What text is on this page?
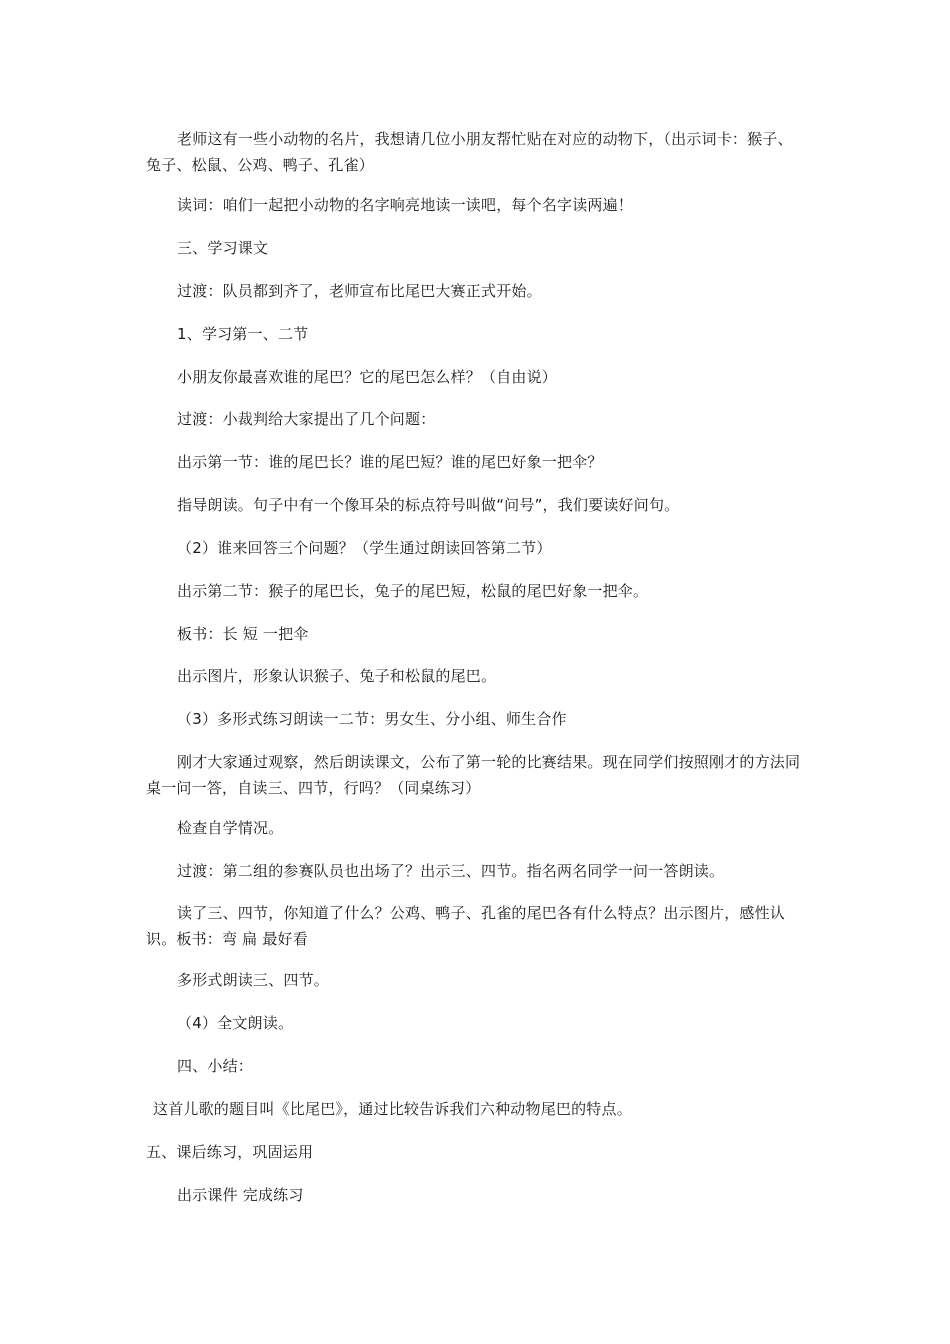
老师这有一些小动物的名片，我想请几位小朋友帮忙贴在对应的动物下，（出示词卡：猴子、兔子、松鼠、公鸡、鸭子、孔雀）

读词：咱们一起把小动物的名字响亮地读一读吧，每个名字读两遍！

三、学习课文

过渡：队员都到齐了，老师宣布比尾巴大赛正式开始。

1、学习第一、二节

小朋友你最喜欢谁的尾巴？它的尾巴怎么样？（自由说）

过渡：小裁判给大家提出了几个问题：

出示第一节：谁的尾巴长？谁的尾巴短？谁的尾巴好象一把伞？

指导朗读。句子中有一个像耳朵的标点符号叫做“问号”，我们要读好问句。

（2）谁来回答三个问题？（学生通过朗读回答第二节）

出示第二节：猴子的尾巴长，兔子的尾巴短，松鼠的尾巴好象一把伞。

板书：长 短 一把伞

出示图片，形象认识猴子、兔子和松鼠的尾巴。

（3）多形式练习朗读一二节：男女生、分小组、师生合作

刚才大家通过观察，然后朗读课文，公布了第一轮的比赛结果。现在同学们按照刚才的方法同桌一问一答，自读三、四节，行吗？（同桌练习）

检查自学情况。

过渡：第二组的参赛队员也出场了？出示三、四节。指名两名同学一问一答朗读。

读了三、四节，你知道了什么？公鸡、鸭子、孔雀的尾巴各有什么特点？出示图片，感性认识。板书：弯 扁 最好看

多形式朗读三、四节。

（4）全文朗读。

四、小结：

这首儿歌的题目叫《比尾巴》，通过比较告诉我们六种动物尾巴的特点。

五、课后练习，巩固运用

出示课件 完成练习
